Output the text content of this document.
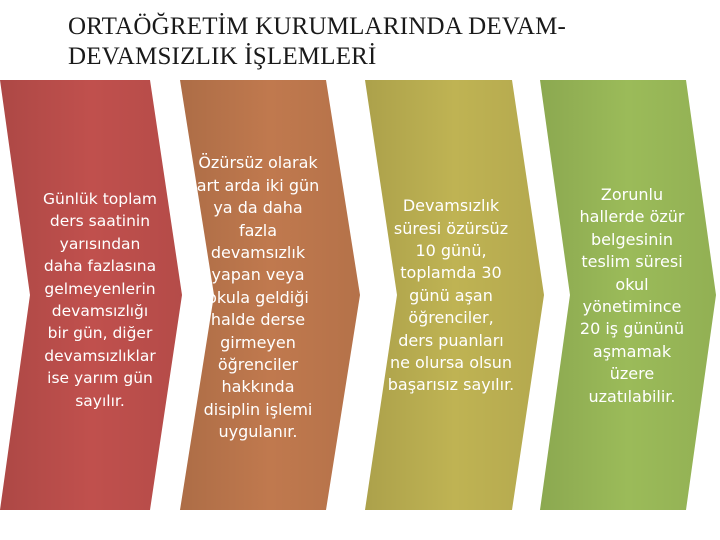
ORTAÖĞRETİM KURUMLARINDA DEVAM-
DEVAMSIZLIK İŞLEMLERİ
Günlük toplam
ders saatinin
yarısından
daha fazlasına
gelmeyenlerin
devamsızlığı
bir gün, diğer
devamsızlıklar
ise yarım gün
sayılır.
Özürsüz olarak
art arda iki gün
ya da daha
fazla
devamsızlık
yapan veya
okula geldiği
halde derse
girmeyen
öğrenciler
hakkında
disiplin işlemi
uygulanır.
Devamsızlık
süresi özürsüz
10 günü,
toplamda 30
günü aşan
öğrenciler,
ders puanları
ne olursa olsun
başarısız sayılır.
Zorunlu
hallerde özür
belgesinin
teslim süresi
okul
yönetimince
20 iş gününü
aşmamak
üzere
uzatılabilir.
